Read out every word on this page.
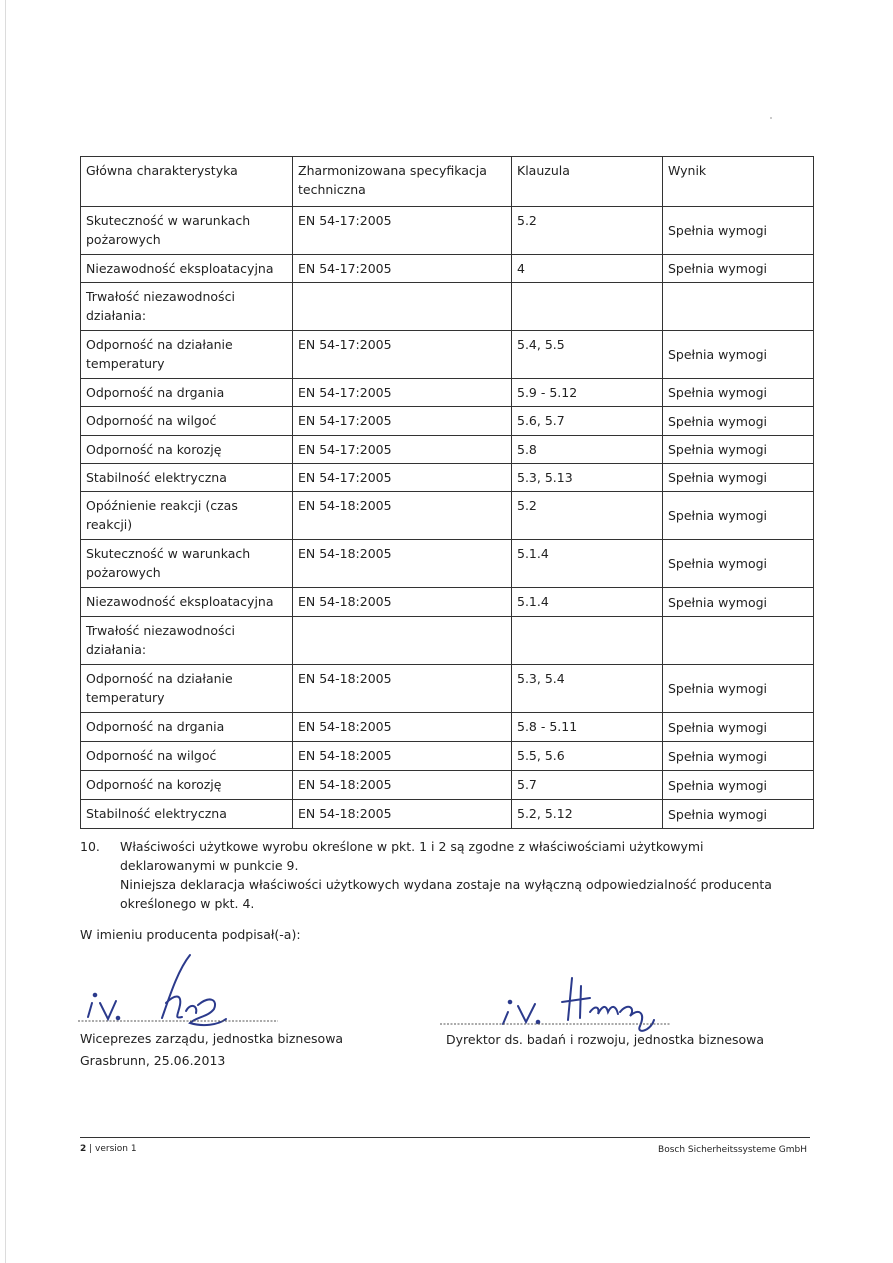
Główna charakterystyka	Zharmonizowana specyfikacja techniczna	Klauzula	Wynik
Skuteczność w warunkach pożarowych	EN 54-17:2005	5.2	Spełnia wymogi
Niezawodność eksploatacyjna	EN 54-17:2005	4	Spełnia wymogi
Trwałość niezawodności działania:			
Odporność na działanie temperatury	EN 54-17:2005	5.4, 5.5	Spełnia wymogi
Odporność na drgania	EN 54-17:2005	5.9 - 5.12	Spełnia wymogi
Odporność na wilgoć	EN 54-17:2005	5.6, 5.7	Spełnia wymogi
Odporność na korozję	EN 54-17:2005	5.8	Spełnia wymogi
Stabilność elektryczna	EN 54-17:2005	5.3, 5.13	Spełnia wymogi
Opóźnienie reakcji (czas reakcji)	EN 54-18:2005	5.2	Spełnia wymogi
Skuteczność w warunkach pożarowych	EN 54-18:2005	5.1.4	Spełnia wymogi
Niezawodność eksploatacyjna	EN 54-18:2005	5.1.4	Spełnia wymogi
Trwałość niezawodności działania:			
Odporność na działanie temperatury	EN 54-18:2005	5.3, 5.4	Spełnia wymogi
Odporność na drgania	EN 54-18:2005	5.8 - 5.11	Spełnia wymogi
Odporność na wilgoć	EN 54-18:2005	5.5, 5.6	Spełnia wymogi
Odporność na korozję	EN 54-18:2005	5.7	Spełnia wymogi
Stabilność elektryczna	EN 54-18:2005	5.2, 5.12	Spełnia wymogi
10. Właściwości użytkowe wyrobu określone w pkt. 1 i 2 są zgodne z właściwościami użytkowymi deklarowanymi w punkcie 9.

Niniejsza deklaracja właściwości użytkowych wydana zostaje na wyłączną odpowiedzialność producenta określonego w pkt. 4.

W imieniu producenta podpisał(-a):
Wiceprezes zarządu, jednostka biznesowa	Dyrektor ds. badań i rozwoju, jednostka biznesowa
Grasbrunn, 25.06.2013
2 | version 1	Bosch Sicherheitssysteme GmbH
